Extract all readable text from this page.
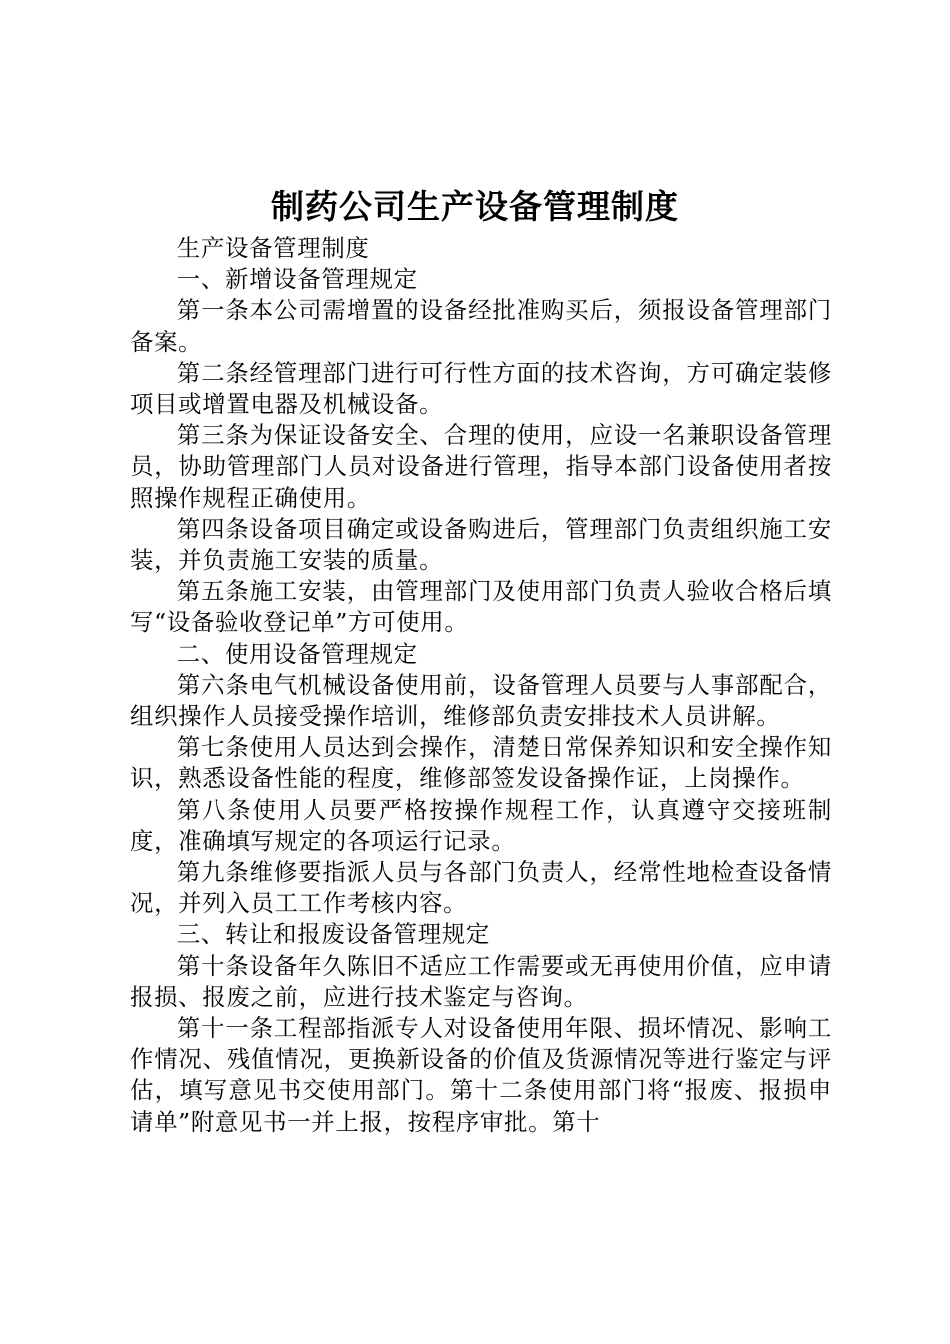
制药公司生产设备管理制度

生产设备管理制度

一、新增设备管理规定

第一条本公司需增置的设备经批准购买后，须报设备管理部门备案。

第二条经管理部门进行可行性方面的技术咨询，方可确定装修项目或增置电器及机械设备。

第三条为保证设备安全、合理的使用，应设一名兼职设备管理员，协助管理部门人员对设备进行管理，指导本部门设备使用者按照操作规程正确使用。

第四条设备项目确定或设备购进后，管理部门负责组织施工安装，并负责施工安装的质量。

第五条施工安装，由管理部门及使用部门负责人验收合格后填写“设备验收登记单”方可使用。

二、使用设备管理规定

第六条电气机械设备使用前，设备管理人员要与人事部配合，组织操作人员接受操作培训，维修部负责安排技术人员讲解。

第七条使用人员达到会操作，清楚日常保养知识和安全操作知识，熟悉设备性能的程度，维修部签发设备操作证，上岗操作。

第八条使用人员要严格按操作规程工作，认真遵守交接班制度，准确填写规定的各项运行记录。

第九条维修要指派人员与各部门负责人，经常性地检查设备情况，并列入员工工作考核内容。

三、转让和报废设备管理规定

第十条设备年久陈旧不适应工作需要或无再使用价值，应申请报损、报废之前，应进行技术鉴定与咨询。

第十一条工程部指派专人对设备使用年限、损坏情况、影响工作情况、残值情况，更换新设备的价值及货源情况等进行鉴定与评估，填写意见书交使用部门。第十二条使用部门将“报废、报损申请单”附意见书一并上报，按程序审批。第十
